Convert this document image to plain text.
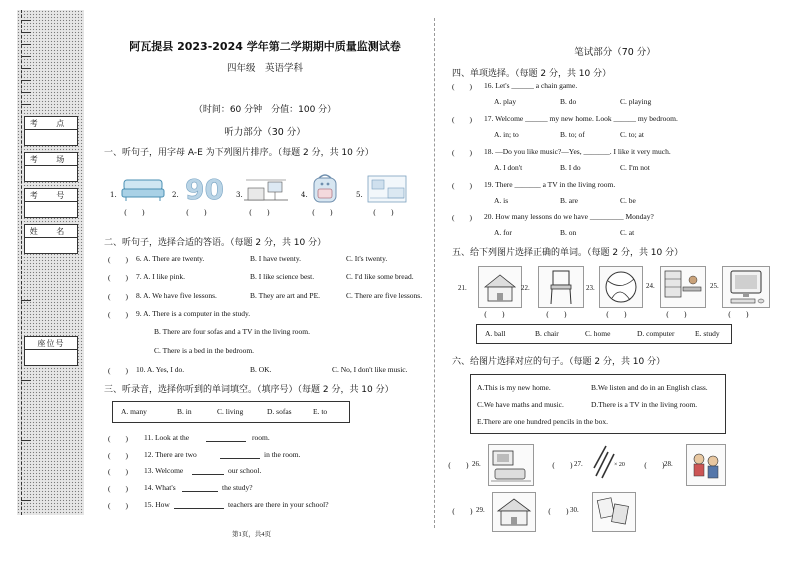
考 点
考 场
考 号
姓 名
座位号
阿瓦提县 2023-2024 学年第二学期期中质量监测试卷
四年级　英语学科
（时间：60 分钟　分值：100 分）
听力部分（30 分）
一、听句子，用字母 A-E 为下列图片排序。（每题 2 分，共 10 分）
1.
(　　)
2. 90
(　　)
3.
(　　)
4.
(　　)
5.
(　　)
二、听句子，选择合适的答语。（每题 2 分，共 10 分）
(　　) 6. A. There are twenty.	B. I have twenty.	C. It's twenty.
(　　) 7. A. I like pink.	B. I like science best.	C. I'd like some bread.
(　　) 8. A. We have five lessons.	B. They are art and PE.	C. There are five lessons.
(　　) 9. A. There is a computer in the study.
B. There are four sofas and a TV in the living room.
C. There is a bed in the bedroom.
(　　) 10. A. Yes, I do.	B. OK.	C. No, I don't like music.
三、听录音，选择你听到的单词填空。（填序号）（每题 2 分，共 10 分）
A. many	B. in	C. living	D. sofas	E. to
(　　) 11. Look at the	room.
(　　) 12. There are two	in the room.
(　　) 13. Welcome	our school.
(　　) 14. What's	the study?
(　　) 15. How	teachers are there in your school?
第1页，共4页
笔试部分（70 分）
四、单项选择。（每题 2 分，共 10 分）
(　　) 16. Let's ______ a chain game.
A. play	B. do	C. playing
(　　) 17. Welcome ______ my new home. Look ______ my bedroom.
A. in; to	B. to; of	C. to; at
(　　) 18. —Do you like music?—Yes, _______. I like it very much.
A. I don't	B. I do	C. I'm not
(　　) 19. There _______ a TV in the living room.
A. is	B. are	C. be
(　　) 20. How many lessons do we have _________ Monday?
A. for	B. on	C. at
五、给下列图片选择正确的单词。（每题 2 分，共 10 分）
21.
(　　)
22.
(　　)
23.
(　　)
24.
(　　)
25.
(　　)
A. ball	B. chair	C. home	D. computer	E. study
六、给图片选择对应的句子。（每题 2 分，共 10 分）
A.This is my new home.	B.We listen and do in an English class.
C.We have maths and music.	D.There is a TV in the living room.
E.There are one hundred pencils in the box.
(　　) 26.	(　　) 27.	× 20	(　　) 28.
(　　) 29.	(　　) 30.
